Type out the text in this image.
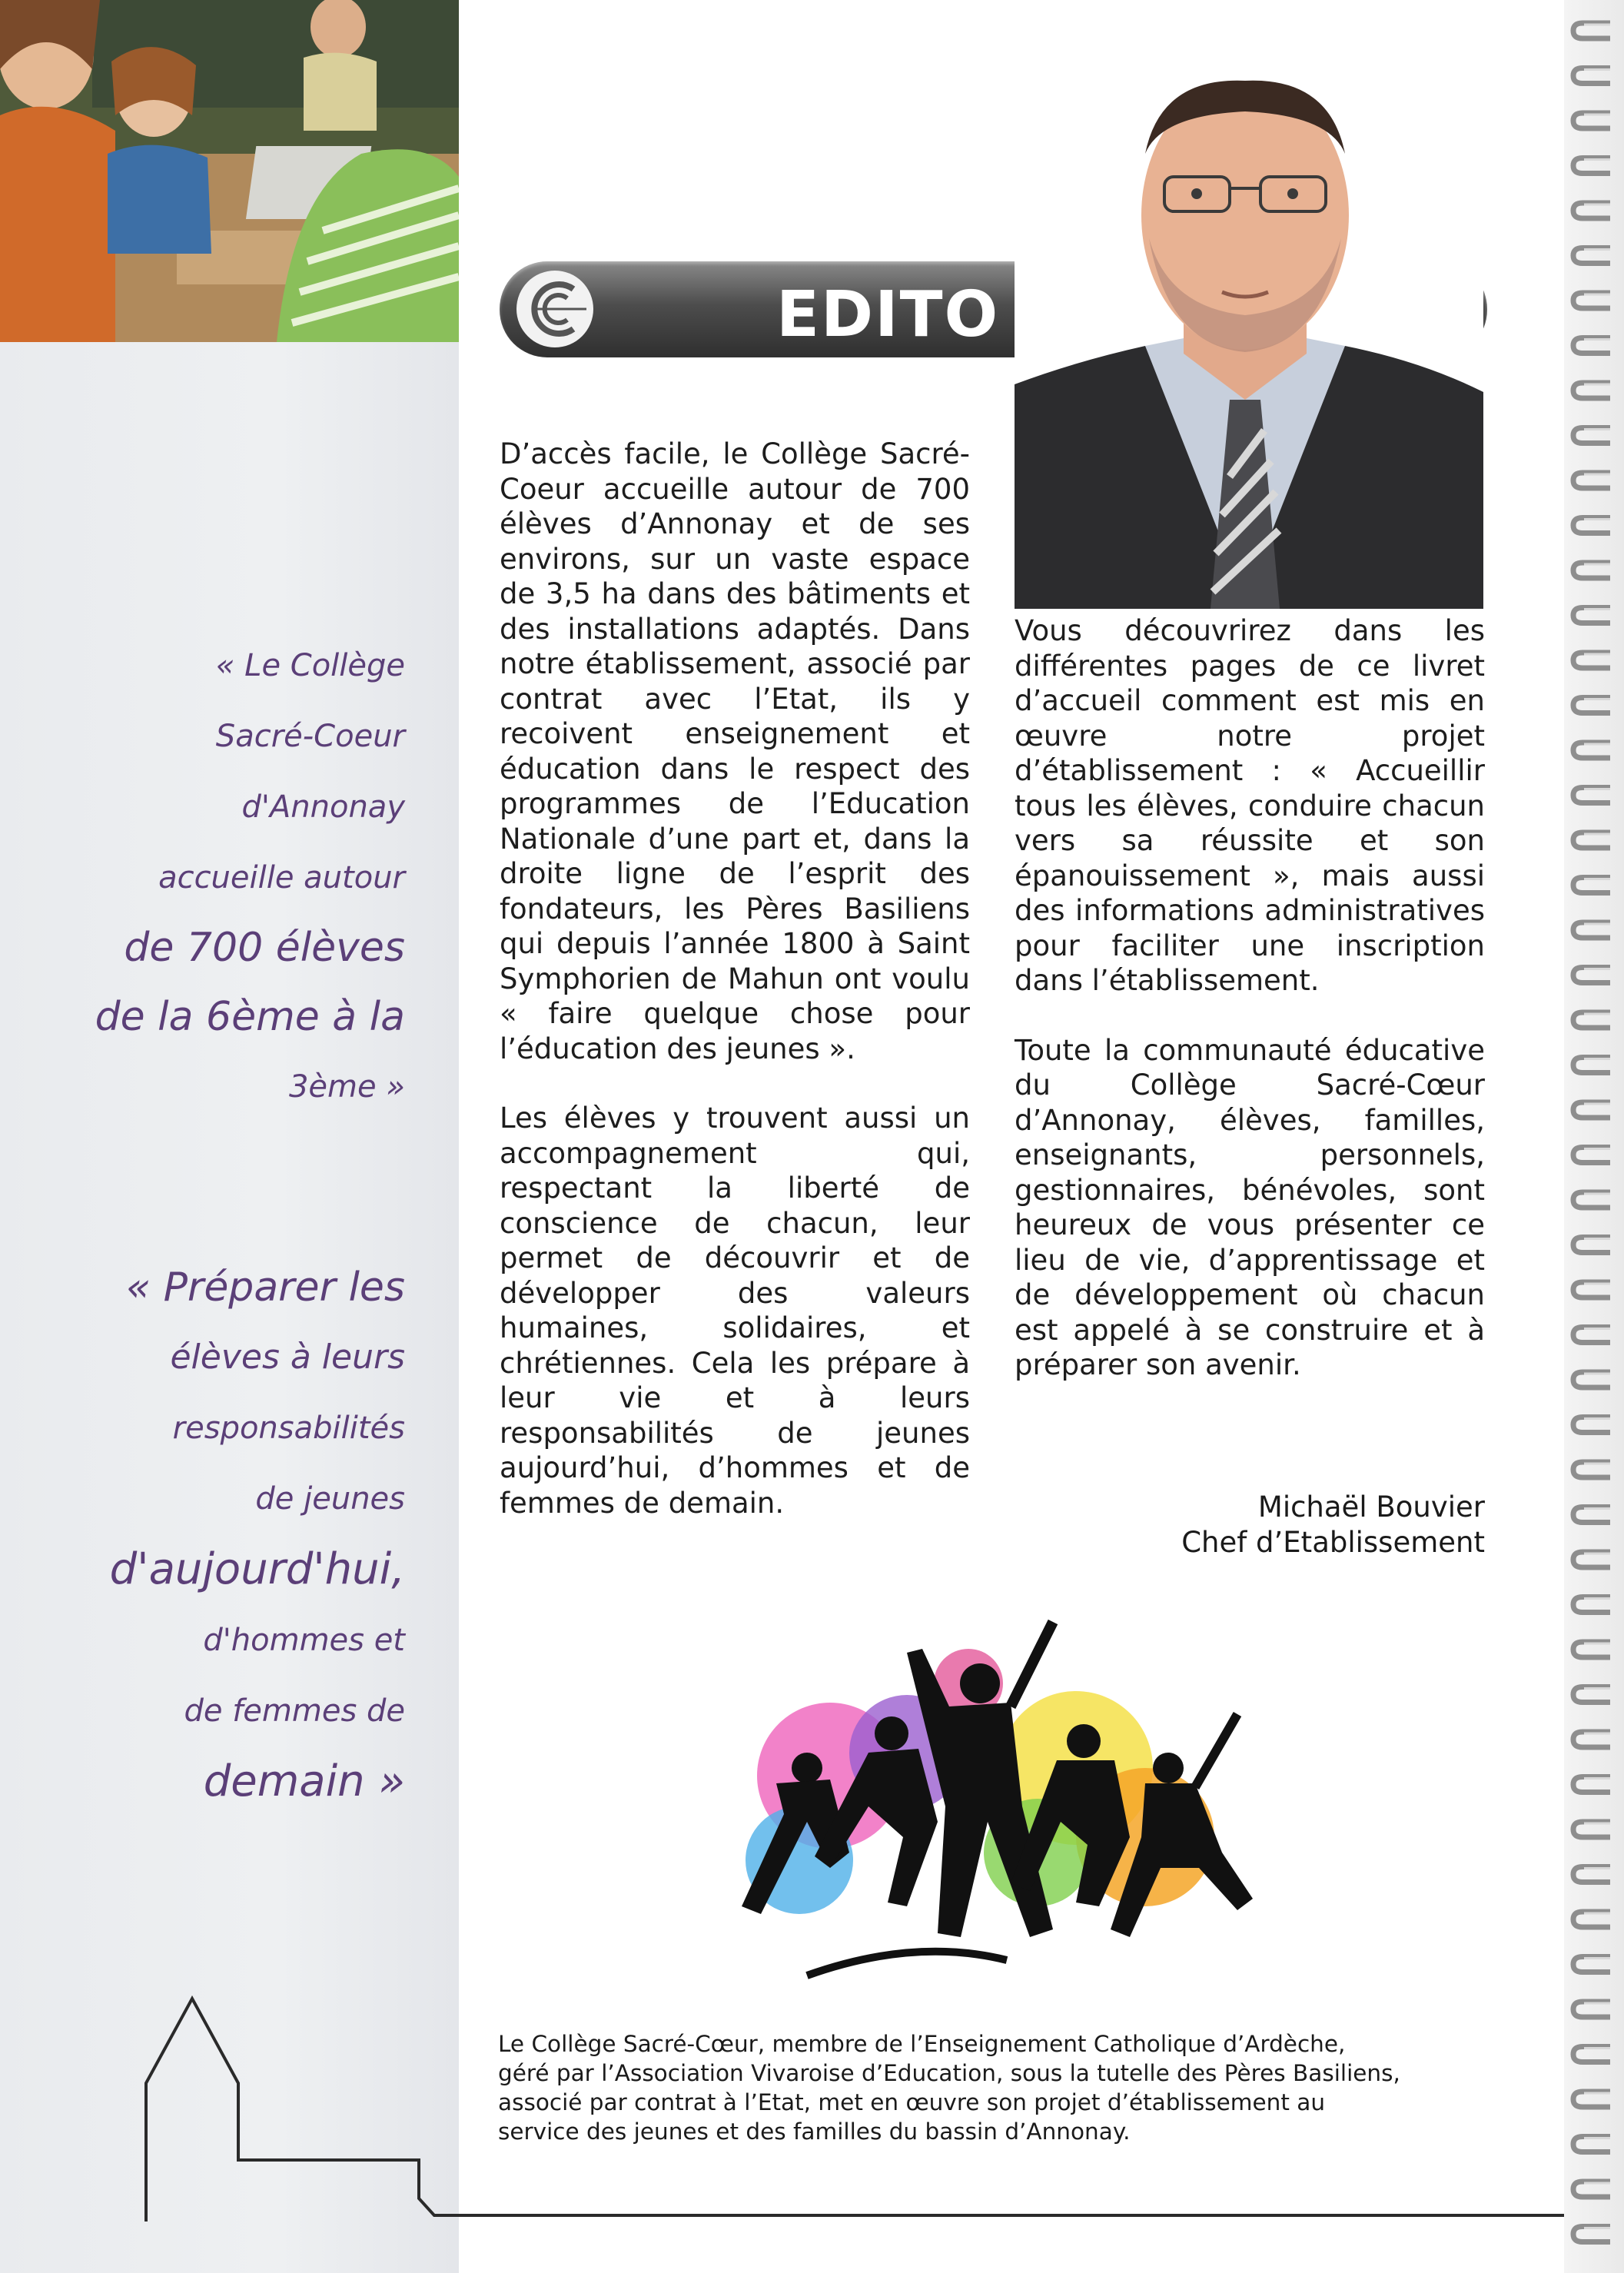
« Le Collège
Sacré-Coeur
d'Annonay
accueille autour
de 700 élèves
de la 6ème à la
3ème »
« Préparer les
élèves à leurs
responsabilités
de jeunes
d'aujourd'hui,
d'hommes et
de femmes de
demain »
EDITO

D’accès facile, le Collège Sacré-Coeur accueille autour de 700 élèves d’Annonay et de ses environs, sur un vaste espace de 3,5 ha dans des bâtiments et des installations adaptés. Dans notre établissement, associé par contrat avec l’Etat, ils y recoivent enseignement et éducation dans le respect des programmes de l’Education Nationale d’une part et, dans la droite ligne de l’esprit des fondateurs, les Pères Basiliens qui depuis l’année 1800 à Saint Symphorien de Mahun ont voulu « faire quelque chose pour l’éducation des jeunes ».

Les élèves y trouvent aussi un accompagnement qui, respectant la liberté de conscience de chacun, leur permet de découvrir et de développer des valeurs humaines, solidaires, et chrétiennes. Cela les prépare à leur vie et à leurs responsabilités de jeunes aujourd’hui, d’hommes et de femmes de demain.

Vous découvrirez dans les différentes pages de ce livret d’accueil comment est mis en œuvre notre projet d’établissement : « Accueillir tous les élèves, conduire chacun vers sa réussite et son épanouissement », mais aussi des informations administratives pour faciliter une inscription dans l’établissement.

Toute la communauté éducative du Collège Sacré-Cœur d’Annonay, élèves, familles, enseignants, personnels, gestionnaires, bénévoles, sont heureux de vous présenter ce lieu de vie, d’apprentissage et de développement où chacun est appelé à se construire et à préparer son avenir.

Michaël Bouvier
Chef d’Etablissement
Le Collège Sacré-Cœur, membre de l’Enseignement Catholique d’Ardèche,
géré par l’Association Vivaroise d’Education, sous la tutelle des Pères Basiliens,
associé par contrat à l’Etat, met en œuvre son projet d’établissement au
service des jeunes et des familles du bassin d’Annonay.
